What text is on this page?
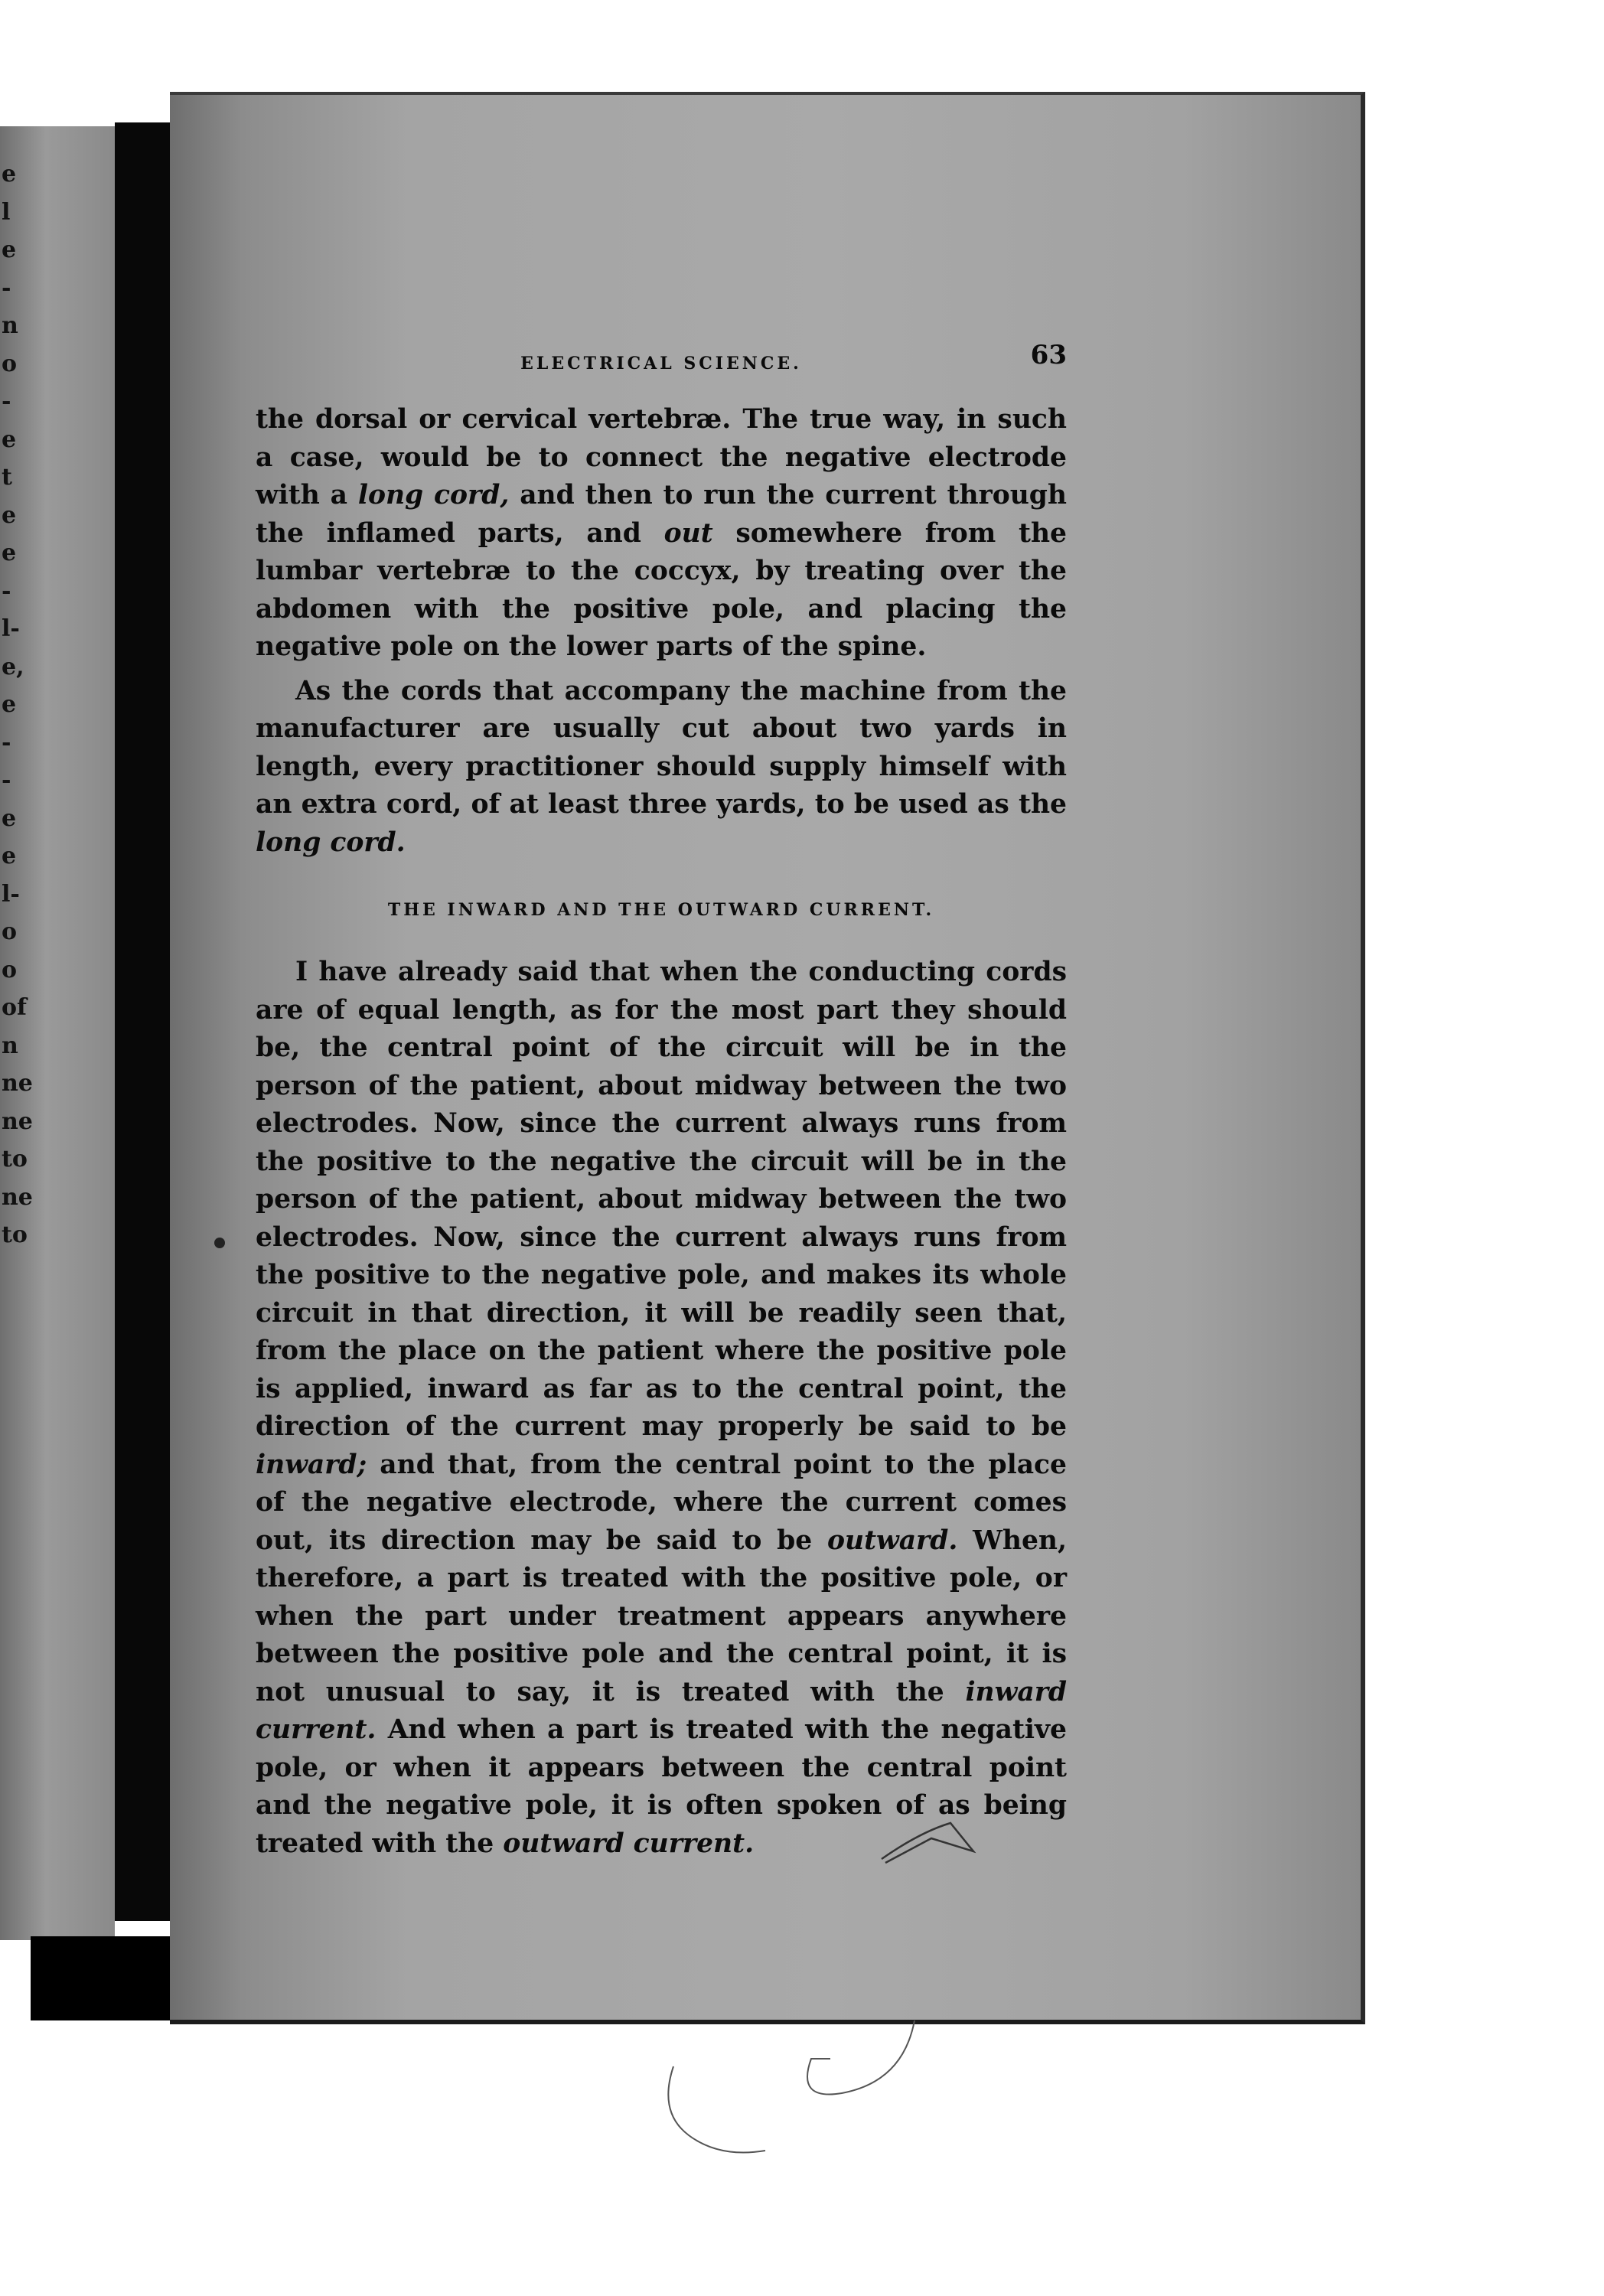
e
l
e
-
n
o
-
e
t
e
e
-
l-
e,
e
-
-
e
e
l-
o
o
of
n
ne
ne
to
ne
to
ELECTRICAL SCIENCE.	63

the dorsal or cervical vertebræ. The true way, in such a case, would be to connect the negative electrode with a long cord, and then to run the current through the inflamed parts, and out somewhere from the lumbar vertebræ to the coccyx, by treating over the abdomen with the positive pole, and placing the negative pole on the lower parts of the spine.

As the cords that accompany the machine from the manufacturer are usually cut about two yards in length, every practitioner should supply himself with an extra cord, of at least three yards, to be used as the long cord.

THE INWARD AND THE OUTWARD CURRENT.

I have already said that when the conducting cords are of equal length, as for the most part they should be, the central point of the circuit will be in the person of the patient, about midway between the two electrodes. Now, since the current always runs from the positive to the negative the circuit will be in the person of the patient, about midway between the two electrodes. Now, since the current always runs from the positive to the negative pole, and makes its whole circuit in that direction, it will be readily seen that, from the place on the patient where the positive pole is applied, inward as far as to the central point, the direction of the current may properly be said to be inward; and that, from the central point to the place of the negative electrode, where the current comes out, its direction may be said to be outward. When, therefore, a part is treated with the positive pole, or when the part under treatment appears anywhere between the positive pole and the central point, it is not unusual to say, it is treated with the inward current. And when a part is treated with the negative pole, or when it appears between the central point and the negative pole, it is often spoken of as being treated with the outward current.
